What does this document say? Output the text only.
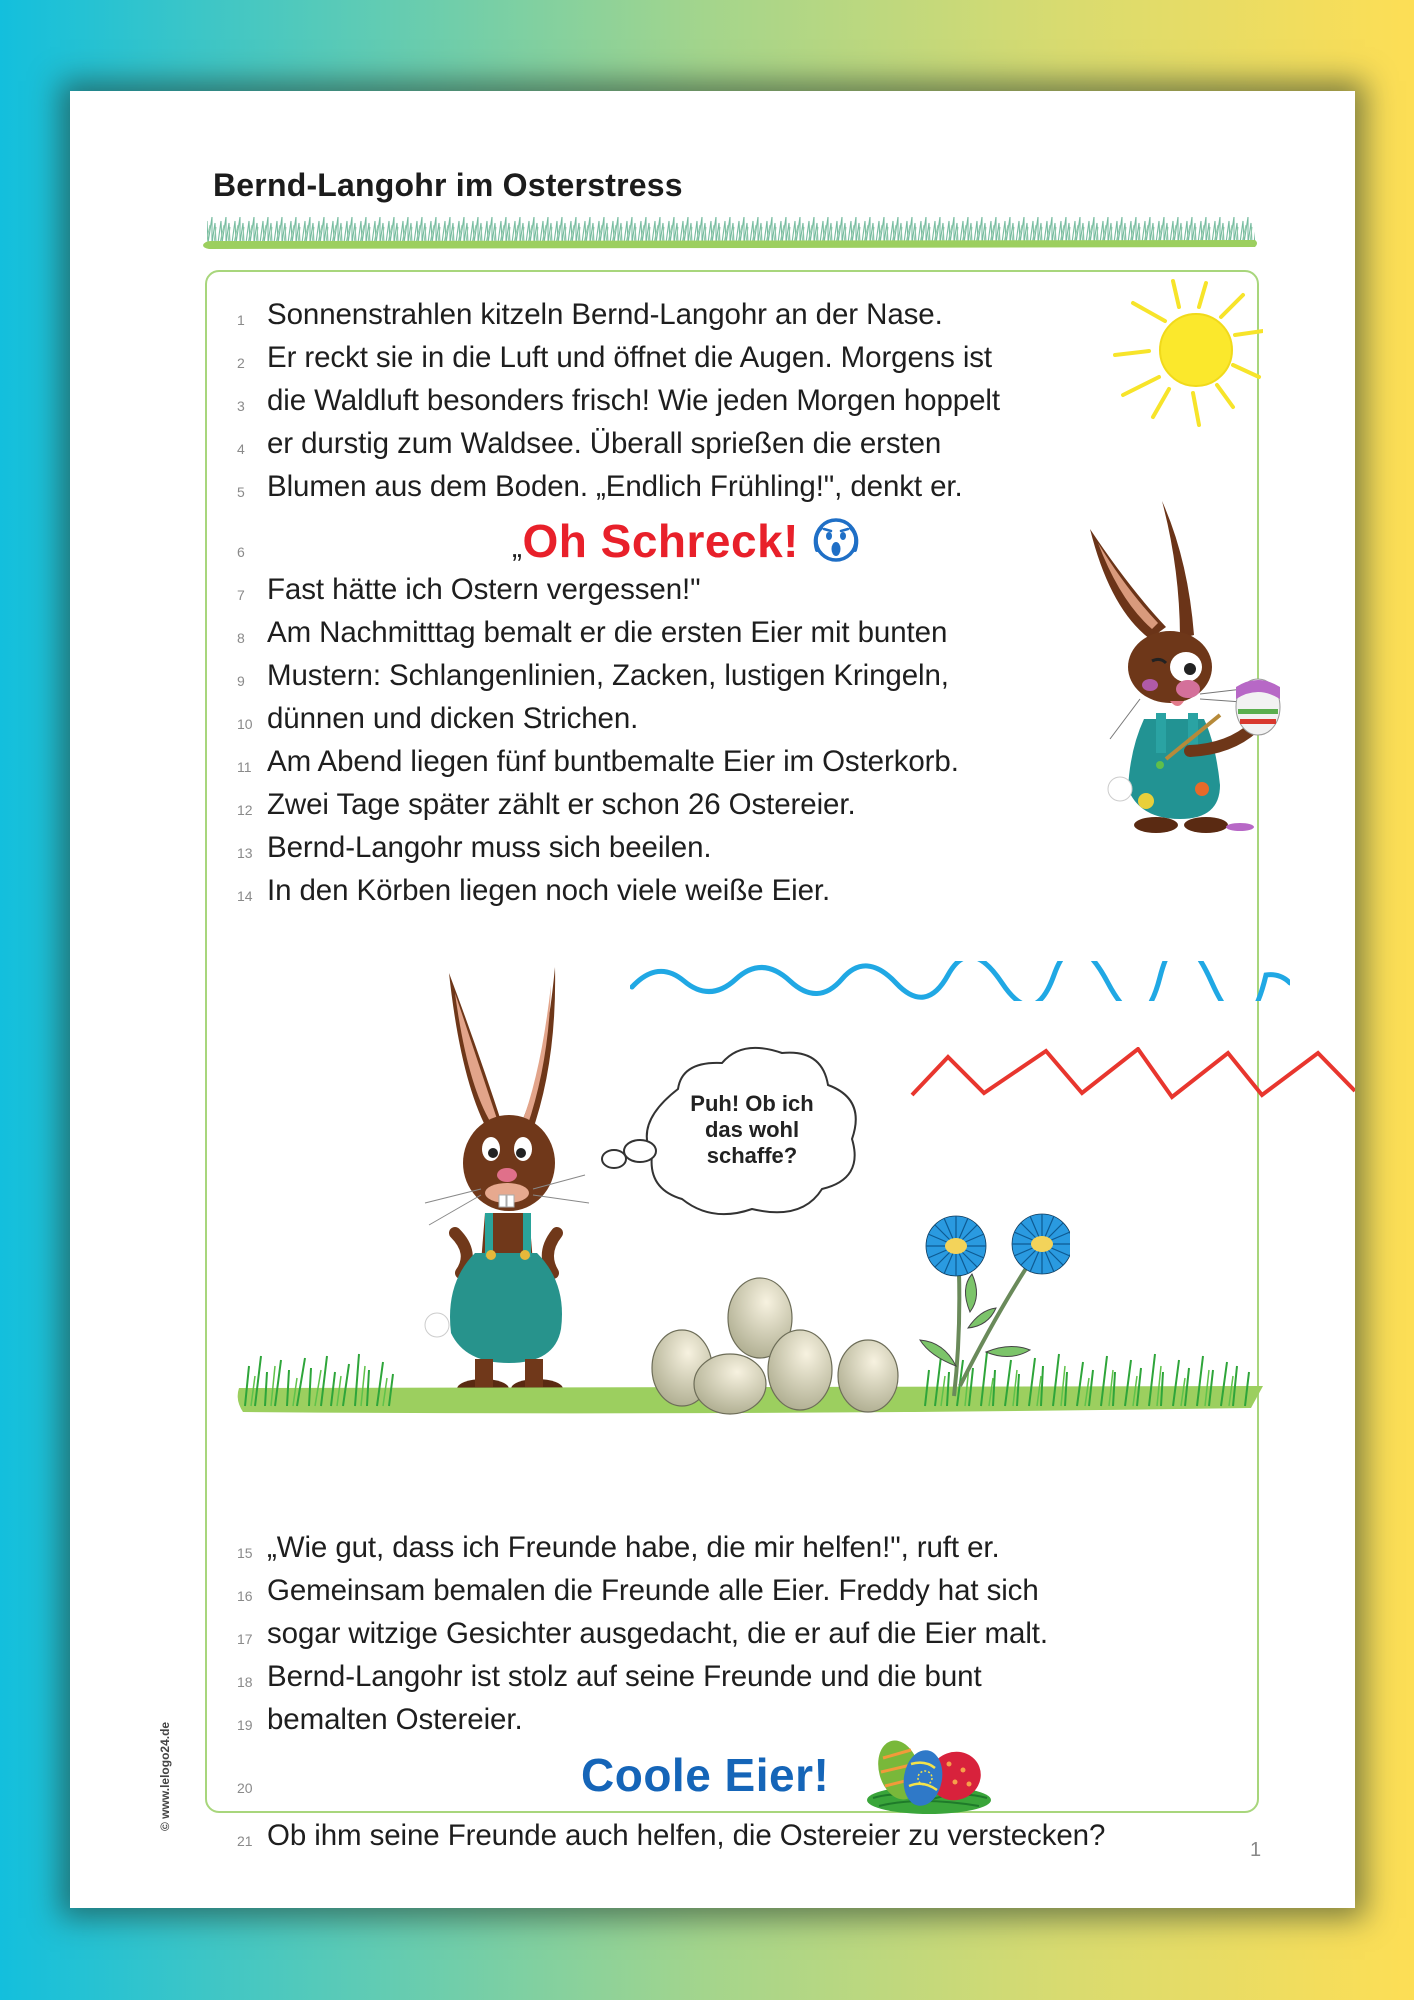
Bernd-Langohr im Osterstress
© www.lelogo24.de
1
1 Sonnenstrahlen kitzeln Bernd-Langohr an der Nase.
2 Er reckt sie in die Luft und öffnet die Augen. Morgens ist
3 die Waldluft besonders frisch! Wie jeden Morgen hoppelt
4 er durstig zum Waldsee. Überall sprießen die ersten
5 Blumen aus dem Boden. „Endlich Frühling!", denkt er.
6	„Oh Schreck!
7 Fast hätte ich Ostern vergessen!"
8 Am Nachmitttag bemalt er die ersten Eier mit bunten
9 Mustern: Schlangenlinien, Zacken, lustigen Kringeln,
10 dünnen und dicken Strichen.
11 Am Abend liegen fünf buntbemalte Eier im Osterkorb.
12 Zwei Tage später zählt er schon 26 Ostereier.
13 Bernd-Langohr muss sich beeilen.
14 In den Körben liegen noch viele weiße Eier.
15 „Wie gut, dass ich Freunde habe, die mir helfen!", ruft er.
16 Gemeinsam bemalen die Freunde alle Eier. Freddy hat sich
17 sogar witzige Gesichter ausgedacht, die er auf die Eier malt.
18 Bernd-Langohr ist stolz auf seine Freunde und die bunt
19 bemalten Ostereier.
20	Coole Eier!
21 Ob ihm seine Freunde auch helfen, die Ostereier zu verstecken?
Puh! Ob ich
das wohl
schaffe?
